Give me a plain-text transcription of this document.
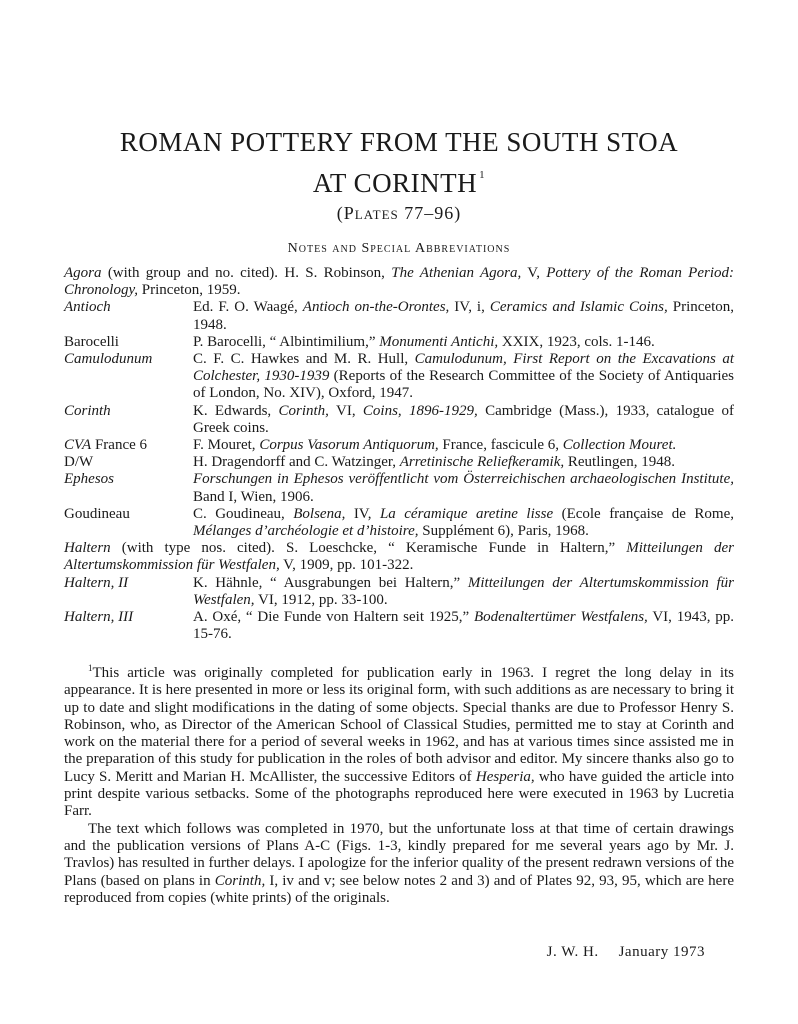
ROMAN POTTERY FROM THE SOUTH STOA
AT CORINTH $^1$
(Plates 77–96)
Notes and Special Abbreviations
Agora (with group and no. cited). H. S. Robinson, The Athenian Agora, V, Pottery of the Roman Period: Chronology, Princeton, 1959.
Antioch	Ed. F. O. Waagé, Antioch on-the-Orontes, IV, i, Ceramics and Islamic Coins, Princeton, 1948.
Barocelli	P. Barocelli, “ Albintimilium,” Monumenti Antichi, XXIX, 1923, cols. 1-146.
Camulodunum	C. F. C. Hawkes and M. R. Hull, Camulodunum, First Report on the Excavations at Colchester, 1930-1939 (Reports of the Research Committee of the Society of Antiquaries of London, No. XIV), Oxford, 1947.
Corinth	K. Edwards, Corinth, VI, Coins, 1896-1929, Cambridge (Mass.), 1933, catalogue of Greek coins.
CVA France 6	F. Mouret, Corpus Vasorum Antiquorum, France, fascicule 6, Collection Mouret.
D/W	H. Dragendorff and C. Watzinger, Arretinische Reliefkeramik, Reutlingen, 1948.
Ephesos	Forschungen in Ephesos veröffentlicht vom Österreichischen archaeologischen Institute, Band I, Wien, 1906.
Goudineau	C. Goudineau, Bolsena, IV, La céramique aretine lisse (Ecole française de Rome, Mélanges d’archéologie et d’histoire, Supplément 6), Paris, 1968.
Haltern (with type nos. cited). S. Loeschcke, “ Keramische Funde in Haltern,” Mitteilungen der Altertumskommission für Westfalen, V, 1909, pp. 101-322.
Haltern, II	K. Hähnle, “ Ausgrabungen bei Haltern,” Mitteilungen der Altertumskommission für Westfalen, VI, 1912, pp. 33-100.
Haltern, III	A. Oxé, “ Die Funde von Haltern seit 1925,” Bodenaltertümer Westfalens, VI, 1943, pp. 15-76.

$^1$This article was originally completed for publication early in 1963. I regret the long delay in its appearance. It is here presented in more or less its original form, with such additions as are necessary to bring it up to date and slight modifications in the dating of some objects. Special thanks are due to Professor Henry S. Robinson, who, as Director of the American School of Classical Studies, permitted me to stay at Corinth and work on the material there for a period of several weeks in 1962, and has at various times since assisted me in the preparation of this study for publication in the roles of both advisor and editor. My sincere thanks also go to Lucy S. Meritt and Marian H. McAllister, the successive Editors of Hesperia, who have guided the article into print despite various setbacks. Some of the photographs reproduced here were executed in 1963 by Lucretia Farr.

The text which follows was completed in 1970, but the unfortunate loss at that time of certain drawings and the publication versions of Plans A-C (Figs. 1-3, kindly prepared for me several years ago by Mr. J. Travlos) has resulted in further delays. I apologize for the inferior quality of the present redrawn versions of the Plans (based on plans in Corinth, I, iv and v; see below notes 2 and 3) and of Plates 92, 93, 95, which are here reproduced from copies (white prints) of the originals.

J. W. H. January 1973
